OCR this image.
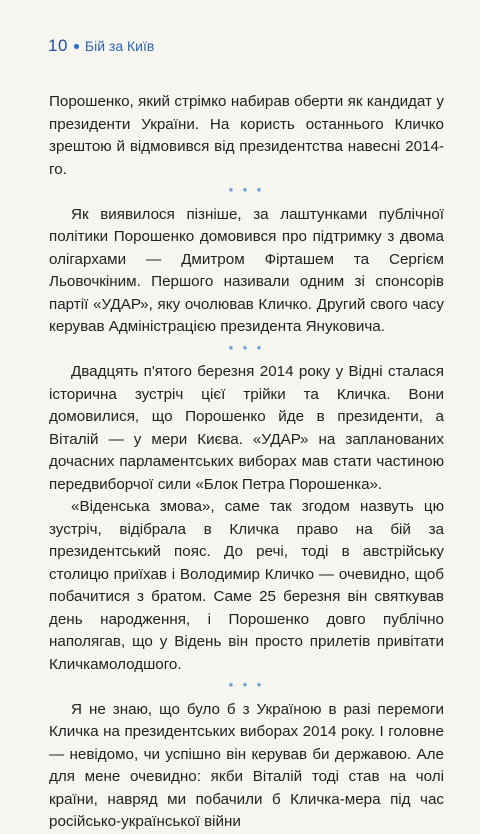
10 Бій за Київ

Порошенко, який стрімко набирав оберти як кандидат у президенти України. На користь останнього Кличко зрештою й відмовився від президентства навесні 2014-го.

* * *

Як виявилося пізніше, за лаштунками публічної політики Порошенко домовився про підтримку з двома олігархами — Дмитром Фірташем та Сергієм Льовочкіним. Першого називали одним зі спонсорів партії «УДАР», яку очолював Кличко. Другий свого часу керував Адміністрацією президента Януковича.

* * *

Двадцять п'ятого березня 2014 року у Відні сталася історична зустріч цієї трійки та Кличка. Вони домовилися, що Порошенко йде в президенти, а Віталій — у мери Києва. «УДАР» на запланованих дочасних парламентських виборах мав стати частиною передвиборчої сили «Блок Петра Порошенка».

«Віденська змова», саме так згодом назвуть цю зустріч, відібрала в Кличка право на бій за президентський пояс. До речі, тоді в австрійську столицю приїхав і Володимир Кличко — очевидно, щоб побачитися з братом. Саме 25 березня він святкував день народження, і Порошенко довго публічно наполягав, що у Відень він просто прилетів привітати Кличкамолодшого.

* * *

Я не знаю, що було б з Україною в разі перемоги Кличка на президентських виборах 2014 року. І головне — невідомо, чи успішно він керував би державою. Але для мене очевидно: якби Віталій тоді став на чолі країни, навряд ми побачили б Кличка-мера під час російсько-української війни
